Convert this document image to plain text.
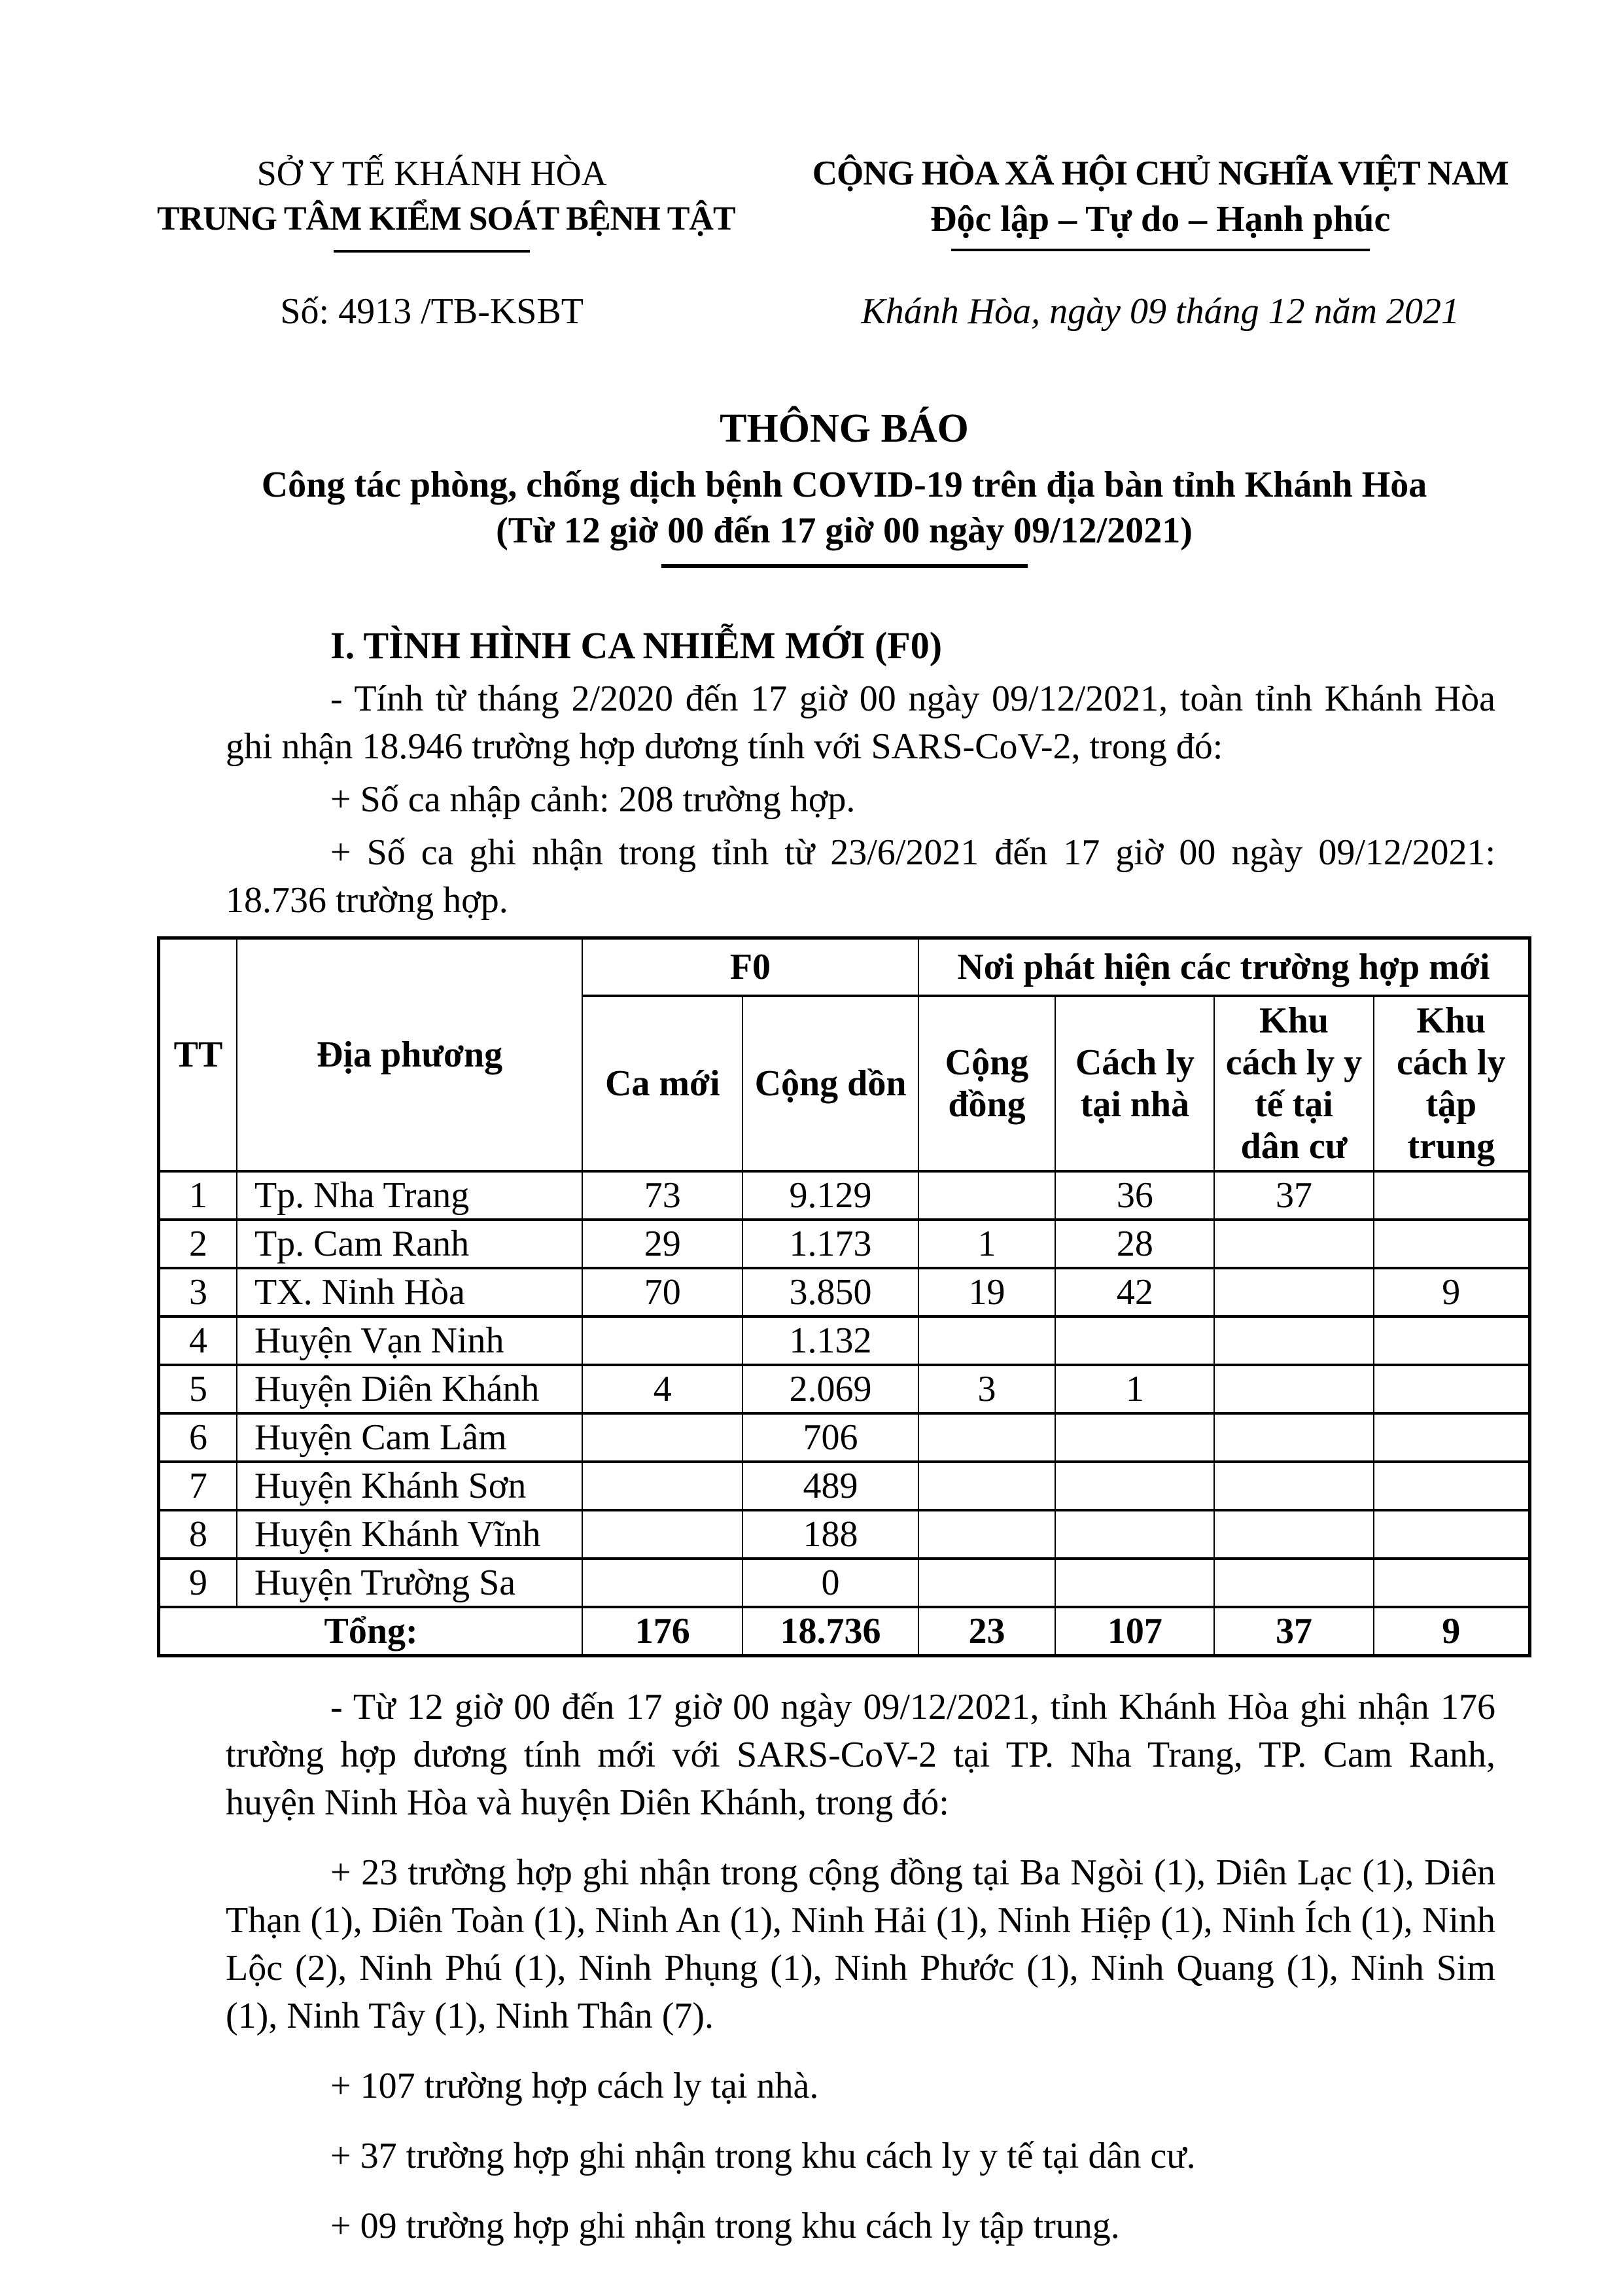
SỞ Y TẾ KHÁNH HÒA
TRUNG TÂM KIỂM SOÁT BỆNH TẬT
Số: 4913 /TB-KSBT
CỘNG HÒA XÃ HỘI CHỦ NGHĨA VIỆT NAM
Độc lập – Tự do – Hạnh phúc
Khánh Hòa, ngày 09 tháng 12 năm 2021
THÔNG BÁO
Công tác phòng, chống dịch bệnh COVID-19 trên địa bàn tỉnh Khánh Hòa
(Từ 12 giờ 00 đến 17 giờ 00 ngày 09/12/2021)
I. TÌNH HÌNH CA NHIỄM MỚI (F0)

- Tính từ tháng 2/2020 đến 17 giờ 00 ngày 09/12/2021, toàn tỉnh Khánh Hòa ghi nhận 18.946 trường hợp dương tính với SARS-CoV-2, trong đó:

+ Số ca nhập cảnh: 208 trường hợp.

+ Số ca ghi nhận trong tỉnh từ 23/6/2021 đến 17 giờ 00 ngày 09/12/2021: 18.736 trường hợp.

TT	Địa phương	F0		Nơi phát hiện các trường hợp mới			
		Ca mới	Cộng dồn	Cộng đồng	Cách ly tại nhà	Khu cách ly y tế tại dân cư	Khu cách ly tập trung
1	Tp. Nha Trang	73	9.129		36	37	
2	Tp. Cam Ranh	29	1.173	1	28		
3	TX. Ninh Hòa	70	3.850	19	42		9
4	Huyện Vạn Ninh		1.132				
5	Huyện Diên Khánh	4	2.069	3	1		
6	Huyện Cam Lâm		706				
7	Huyện Khánh Sơn		489				
8	Huyện Khánh Vĩnh		188				
9	Huyện Trường Sa		0				
Tổng:		176	18.736	23	107	37	9

- Từ 12 giờ 00 đến 17 giờ 00 ngày 09/12/2021, tỉnh Khánh Hòa ghi nhận 176 trường hợp dương tính mới với SARS-CoV-2 tại TP. Nha Trang, TP. Cam Ranh, huyện Ninh Hòa và huyện Diên Khánh, trong đó:

+ 23 trường hợp ghi nhận trong cộng đồng tại Ba Ngòi (1), Diên Lạc (1), Diên Thạn (1), Diên Toàn (1), Ninh An (1), Ninh Hải (1), Ninh Hiệp (1), Ninh Ích (1), Ninh Lộc (2), Ninh Phú (1), Ninh Phụng (1), Ninh Phước (1), Ninh Quang (1), Ninh Sim (1), Ninh Tây (1), Ninh Thân (7).

+ 107 trường hợp cách ly tại nhà.

+ 37 trường hợp ghi nhận trong khu cách ly y tế tại dân cư.

+ 09 trường hợp ghi nhận trong khu cách ly tập trung.
